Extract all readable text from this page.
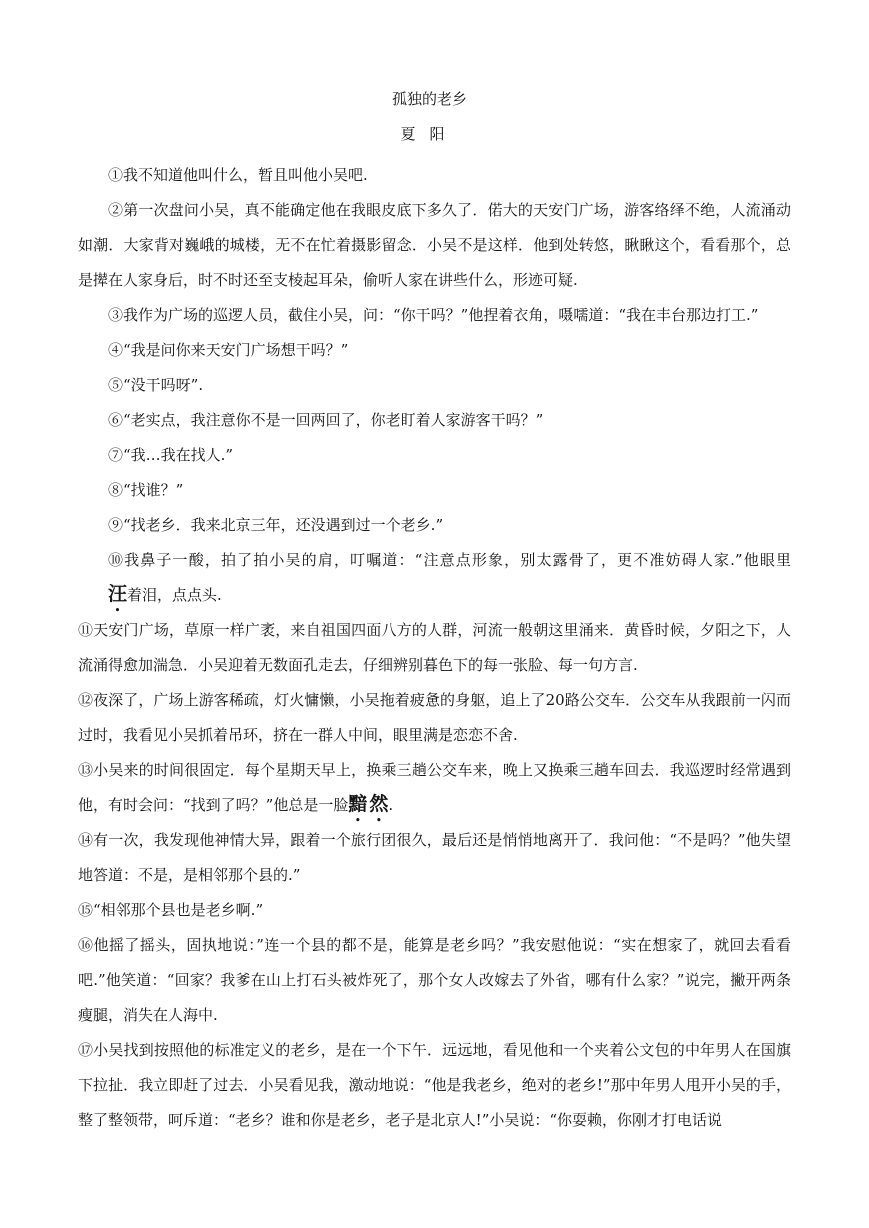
孤独的老乡
夏阳

①我不知道他叫什么，暂且叫他小吴吧.

②第一次盘问小吴，真不能确定他在我眼皮底下多久了．偌大的天安门广场，游客络绎不绝，人流涌动如潮．大家背对巍峨的城楼，无不在忙着摄影留念．小吴不是这样．他到处转悠，瞅瞅这个，看看那个，总是撵在人家身后，时不时还至支棱起耳朵，偷听人家在讲些什么，形迹可疑.

③我作为广场的巡逻人员，截住小吴，问：“你干吗？”他捏着衣角，嗫嚅道：“我在丰台那边打工.”

④“我是问你来天安门广场想干吗？”

⑤“没干吗呀”.

⑥“老实点，我注意你不是一回两回了，你老盯着人家游客干吗？”

⑦“我…我在找人.”

⑧“找谁？”

⑨“找老乡．我来北京三年，还没遇到过一个老乡.”

⑩我鼻子一酸，拍了拍小吴的肩，叮嘱道：“注意点形象，别太露骨了，更不准妨碍人家.”他眼里汪着泪，点点头.

⑪天安门广场，草原一样广袤，来自祖国四面八方的人群，河流一般朝这里涌来．黄昏时候，夕阳之下，人流涌得愈加湍急．小吴迎着无数面孔走去，仔细辨别暮色下的每一张脸、每一句方言.

⑫夜深了，广场上游客稀疏，灯火慵懒，小吴拖着疲惫的身躯，追上了20路公交车．公交车从我跟前一闪而过时，我看见小吴抓着吊环，挤在一群人中间，眼里满是恋恋不舍.

⑬小吴来的时间很固定．每个星期天早上，换乘三趟公交车来，晚上又换乘三趟车回去．我巡逻时经常遇到他，有时会问：“找到了吗？”他总是一脸黯然.

⑭有一次，我发现他神情大异，跟着一个旅行团很久，最后还是悄悄地离开了．我问他：“不是吗？”他失望地答道：不是，是相邻那个县的.”

⑮“相邻那个县也是老乡啊.”

⑯他摇了摇头，固执地说：”连一个县的都不是，能算是老乡吗？”我安慰他说：“实在想家了，就回去看看吧.”他笑道：“回家？我爹在山上打石头被炸死了，那个女人改嫁去了外省，哪有什么家？”说完，撇开两条瘦腿，消失在人海中.

⑰小吴找到按照他的标准定义的老乡，是在一个下午．远远地，看见他和一个夹着公文包的中年男人在国旗下拉扯．我立即赶了过去．小吴看见我，激动地说：“他是我老乡，绝对的老乡!”那中年男人甩开小吴的手，整了整领带，呵斥道：“老乡？谁和你是老乡，老子是北京人!”小吴说：“你耍赖，你刚才打电话说
